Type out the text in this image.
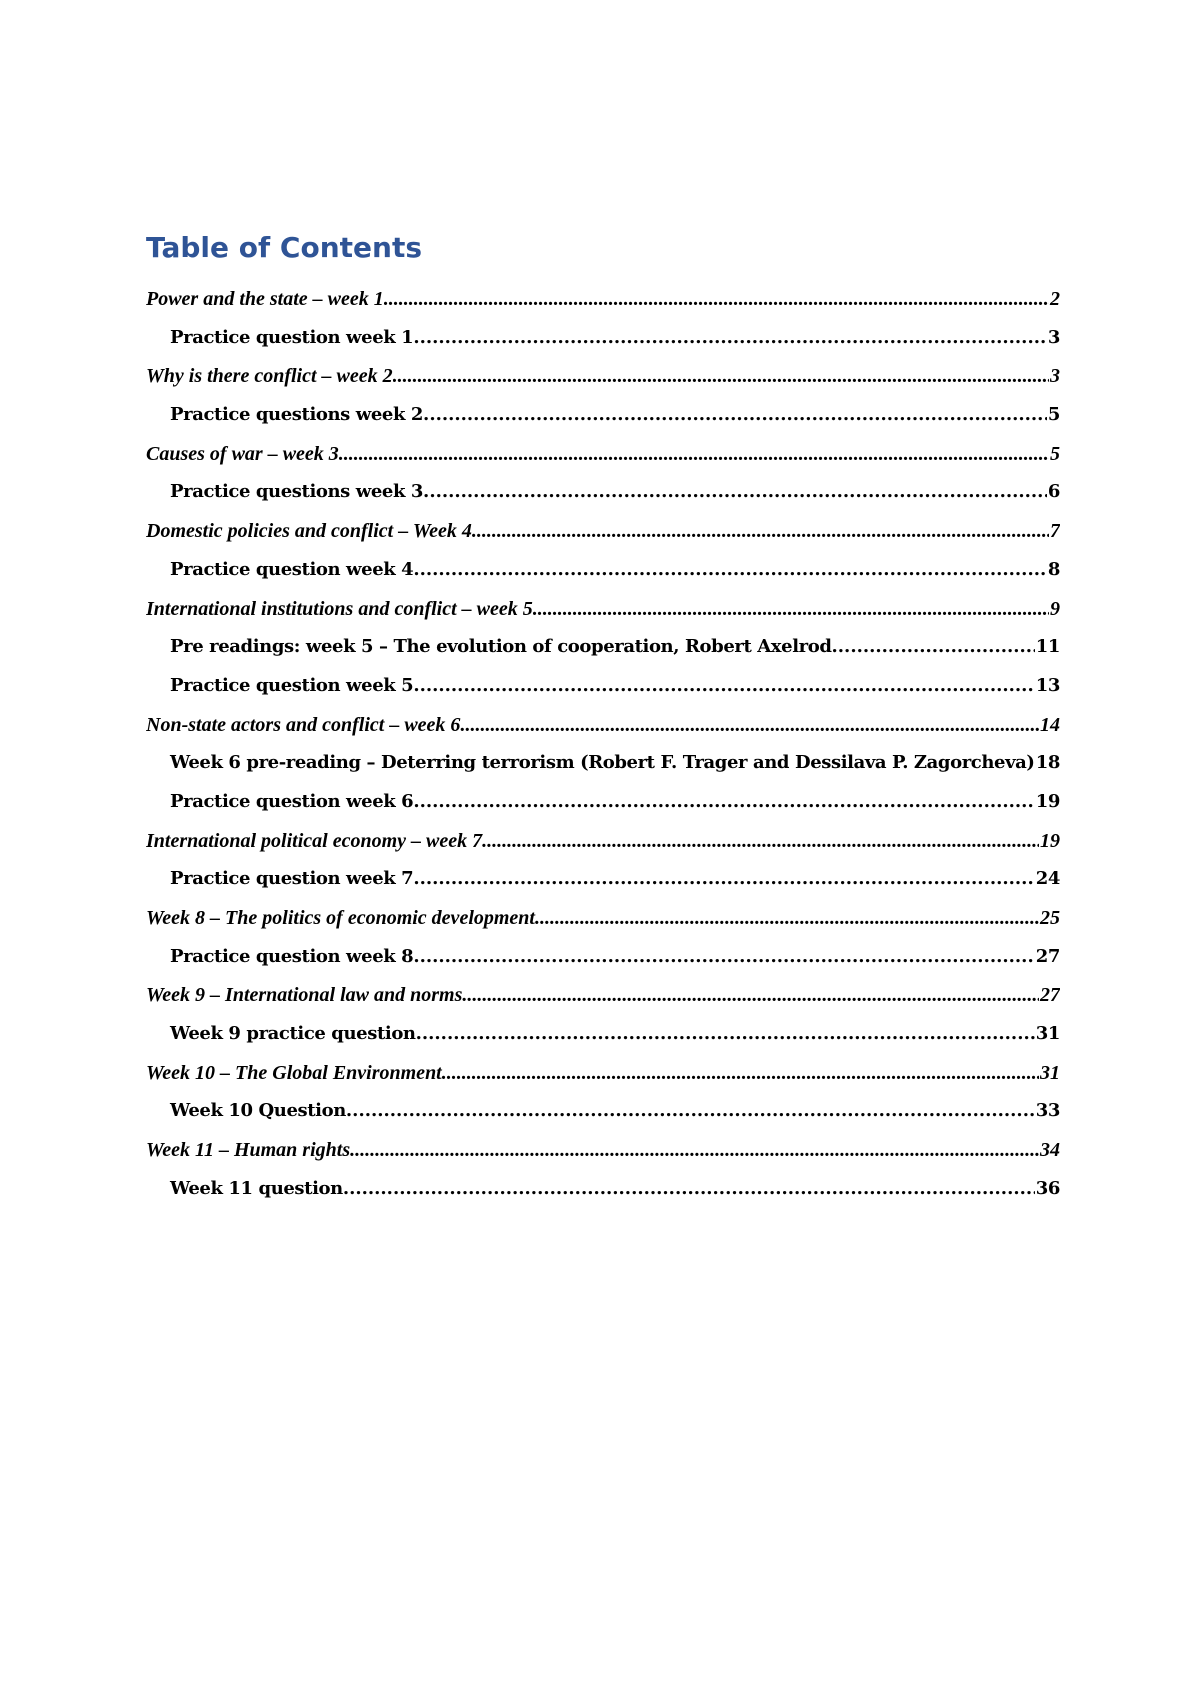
Table of Contents
Power and the state – week 1 .....	2
Practice question week 1 .....	3
Why is there conflict – week 2 .....	3
Practice questions week 2 .....	5
Causes of war – week 3 .....	5
Practice questions week 3 .....	6
Domestic policies and conflict – Week 4 .....	7
Practice question week 4 .....	8
International institutions and conflict – week 5 .....	9
Pre readings: week 5 – The evolution of cooperation, Robert Axelrod .....	11
Practice question week 5 .....	13
Non-state actors and conflict – week 6 .....	14
Week 6 pre-reading – Deterring terrorism (Robert F. Trager and Dessilava P. Zagorcheva) ..... 18
Practice question week 6 .....	19
International political economy – week 7 .....	19
Practice question week 7 .....	24
Week 8 – The politics of economic development .....	25
Practice question week 8 .....	27
Week 9 – International law and norms .....	27
Week 9 practice question .....	31
Week 10 – The Global Environment .....	31
Week 10 Question .....	33
Week 11 – Human rights. .....	34
Week 11 question .....	36
